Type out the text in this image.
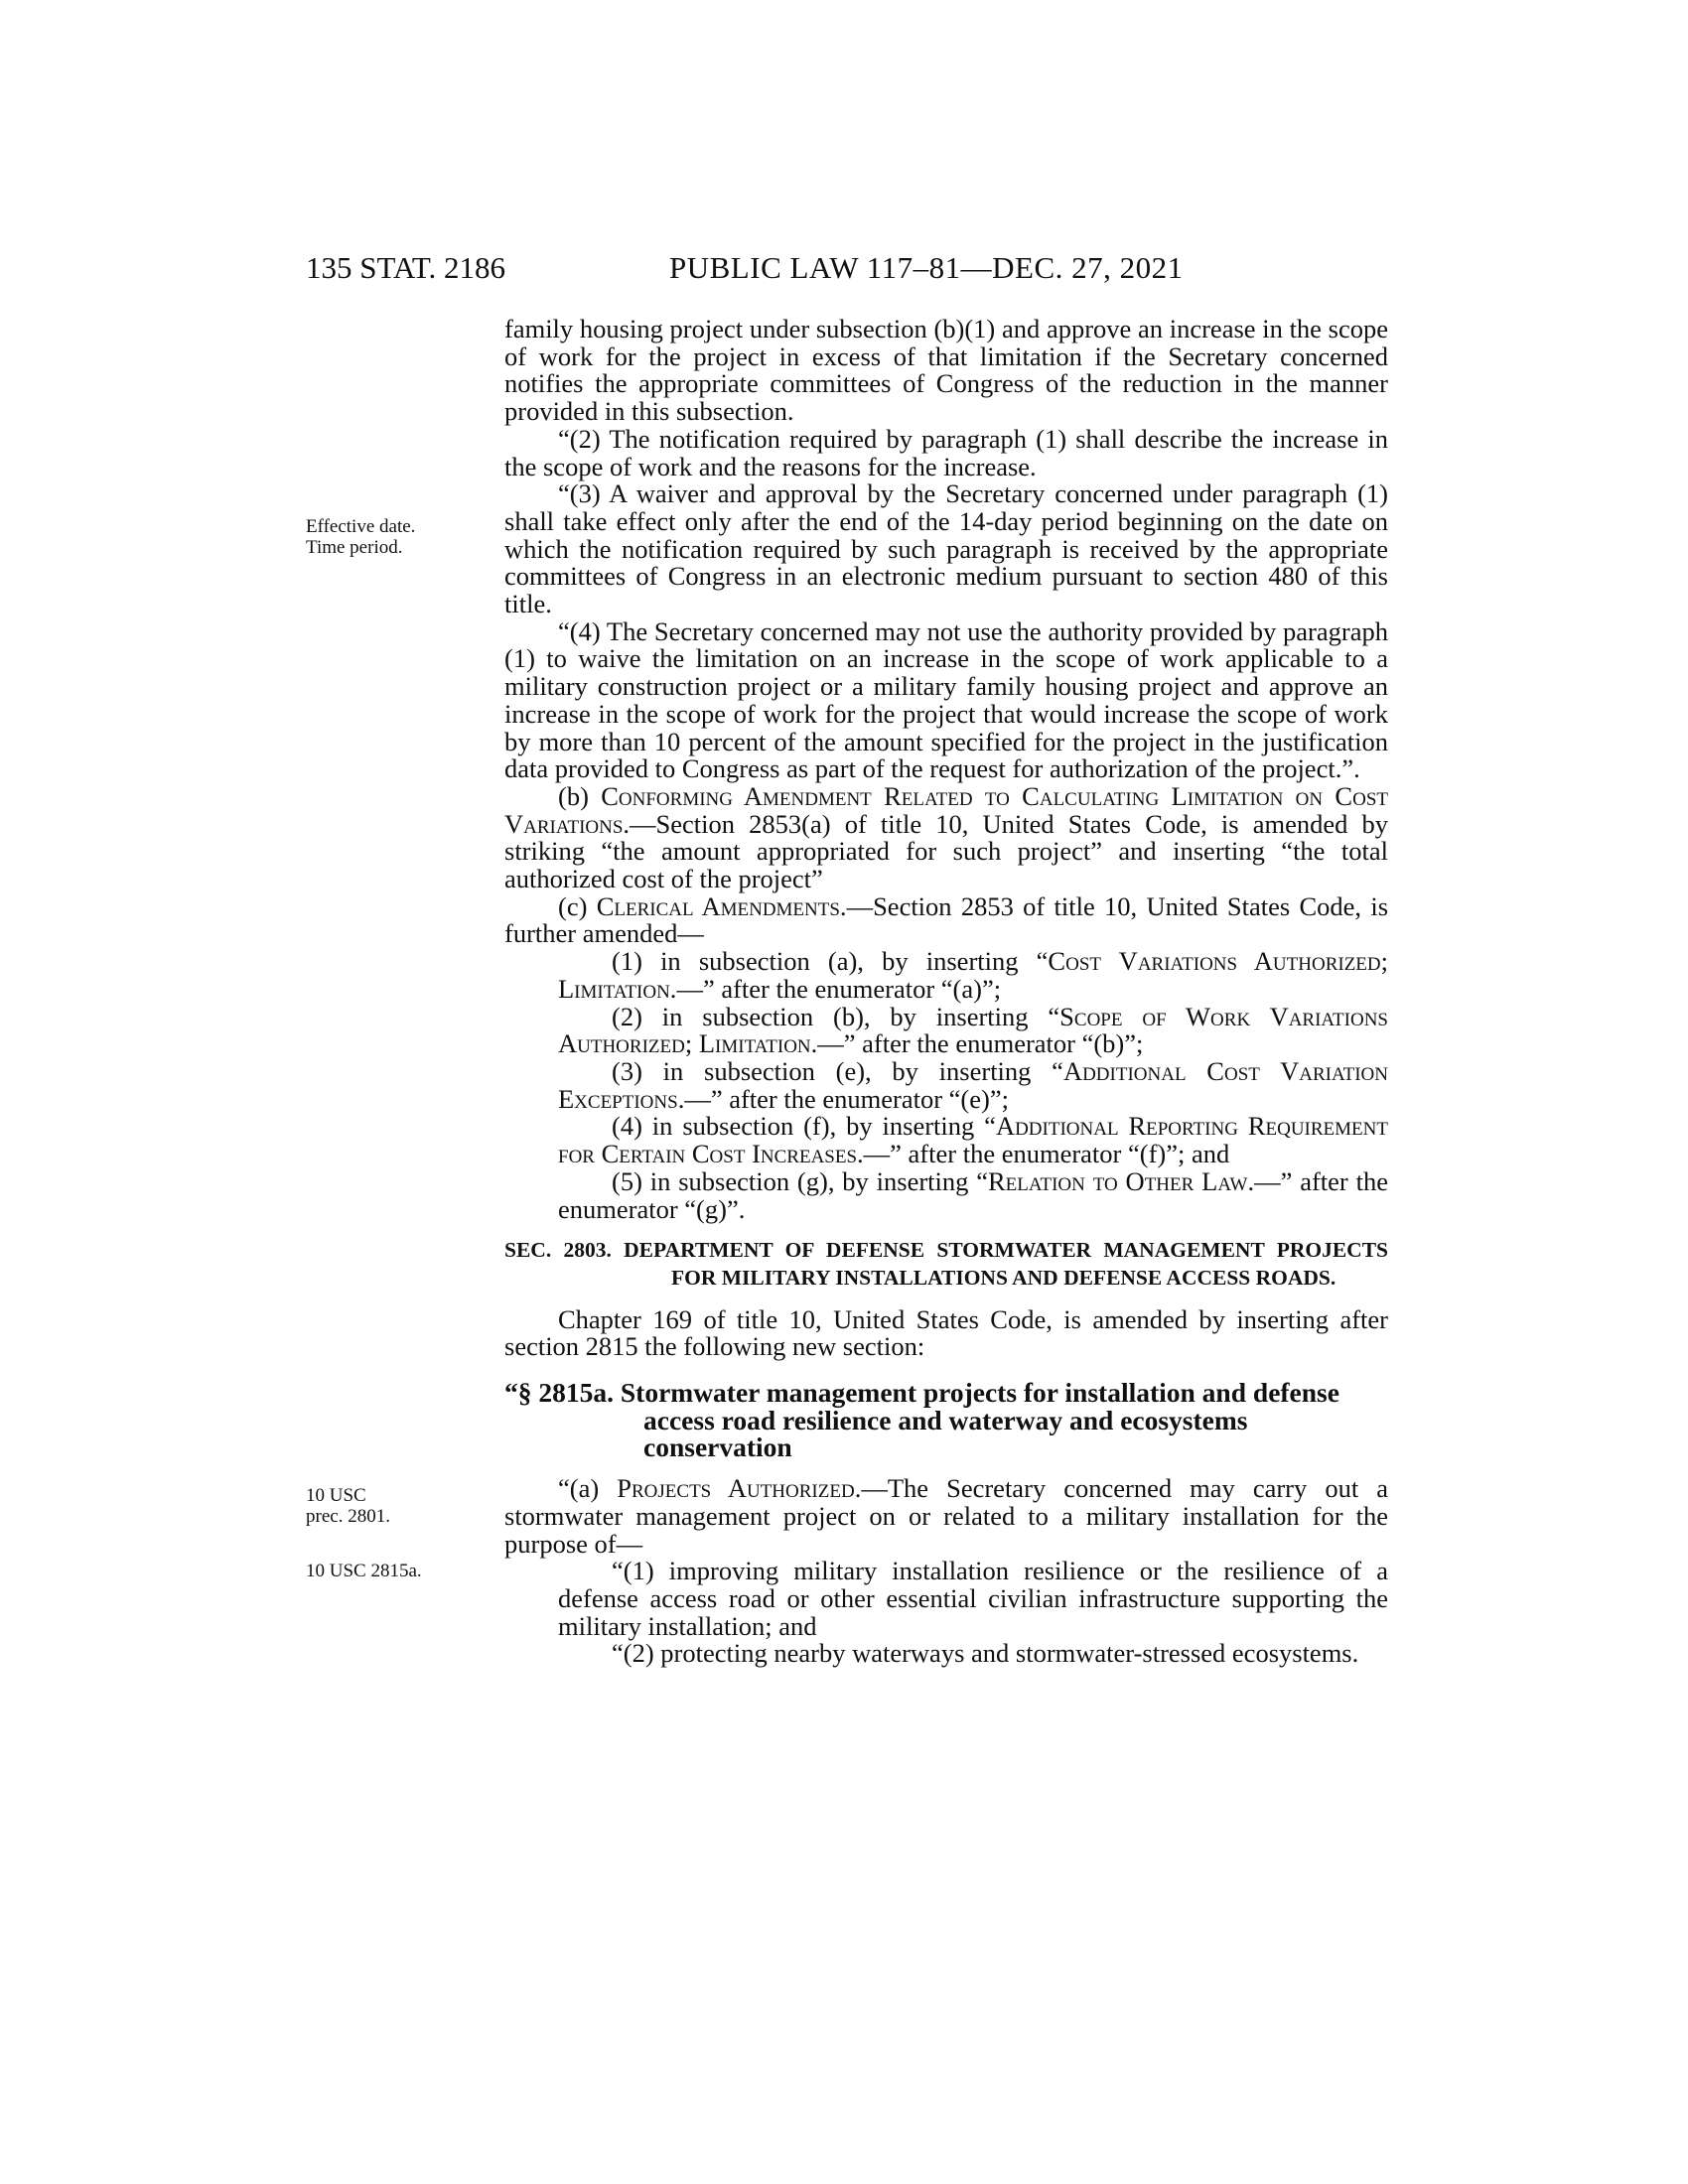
135 STAT. 2186	PUBLIC LAW 117–81—DEC. 27, 2021
Effective date.
Time period.
10 USC
prec. 2801.
10 USC 2815a.

family housing project under subsection (b)(1) and approve an increase in the scope of work for the project in excess of that limitation if the Secretary concerned notifies the appropriate committees of Congress of the reduction in the manner provided in this subsection.

“(2) The notification required by paragraph (1) shall describe the increase in the scope of work and the reasons for the increase.

“(3) A waiver and approval by the Secretary concerned under paragraph (1) shall take effect only after the end of the 14-day period beginning on the date on which the notification required by such paragraph is received by the appropriate committees of Congress in an electronic medium pursuant to section 480 of this title.

“(4) The Secretary concerned may not use the authority provided by paragraph (1) to waive the limitation on an increase in the scope of work applicable to a military construction project or a military family housing project and approve an increase in the scope of work for the project that would increase the scope of work by more than 10 percent of the amount specified for the project in the justification data provided to Congress as part of the request for authorization of the project.”.

(b) Conforming Amendment Related to Calculating Limitation on Cost Variations.—Section 2853(a) of title 10, United States Code, is amended by striking “the amount appropriated for such project” and inserting “the total authorized cost of the project”

(c) Clerical Amendments.—Section 2853 of title 10, United States Code, is further amended—

(1) in subsection (a), by inserting “Cost Variations Authorized; Limitation.—” after the enumerator “(a)”;

(2) in subsection (b), by inserting “Scope of Work Variations Authorized; Limitation.—” after the enumerator “(b)”;

(3) in subsection (e), by inserting “Additional Cost Variation Exceptions.—” after the enumerator “(e)”;

(4) in subsection (f), by inserting “Additional Reporting Requirement for Certain Cost Increases.—” after the enumerator “(f)”; and

(5) in subsection (g), by inserting “Relation to Other Law.—” after the enumerator “(g)”.

SEC. 2803. DEPARTMENT OF DEFENSE STORMWATER MANAGEMENT PROJECTS FOR MILITARY INSTALLATIONS AND DEFENSE ACCESS ROADS.

Chapter 169 of title 10, United States Code, is amended by inserting after section 2815 the following new section:

“§ 2815a. Stormwater management projects for installation and defense access road resilience and waterway and ecosystems conservation

“(a) Projects Authorized.—The Secretary concerned may carry out a stormwater management project on or related to a military installation for the purpose of—

“(1) improving military installation resilience or the resilience of a defense access road or other essential civilian infrastructure supporting the military installation; and

“(2) protecting nearby waterways and stormwater-stressed ecosystems.
